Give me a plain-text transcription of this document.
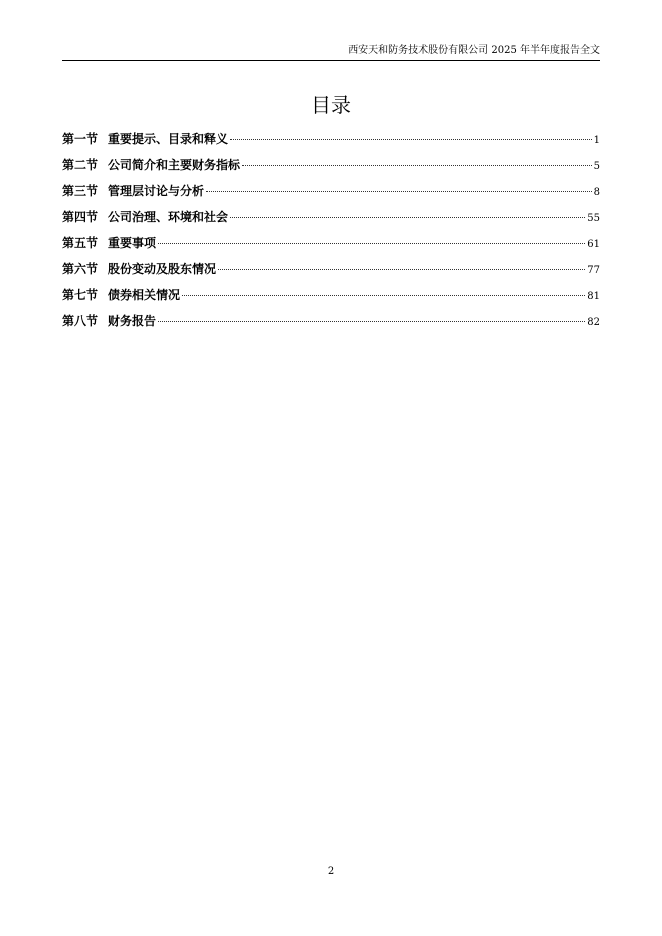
西安天和防务技术股份有限公司 2025 年半年度报告全文
目录
第一节 重要提示、目录和释义	1
第二节 公司简介和主要财务指标	5
第三节 管理层讨论与分析	8
第四节 公司治理、环境和社会	55
第五节 重要事项	61
第六节 股份变动及股东情况	77
第七节 债券相关情况	81
第八节 财务报告	82
2
